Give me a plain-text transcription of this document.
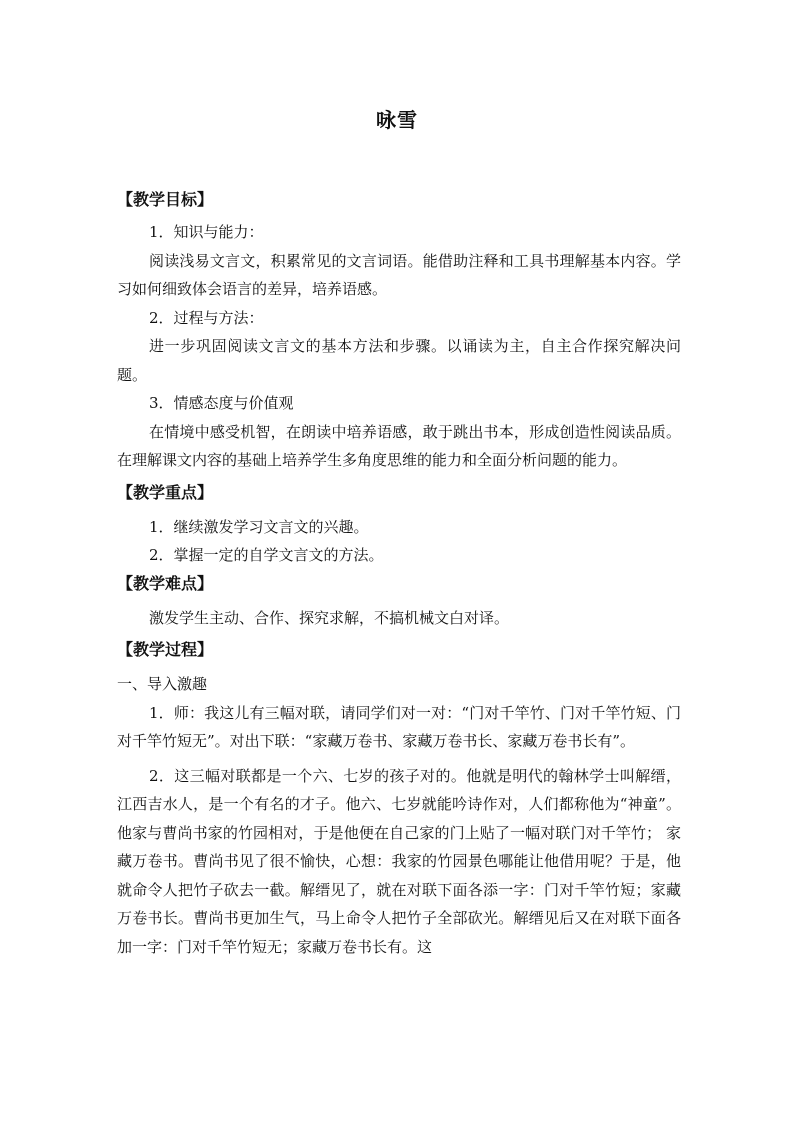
咏雪
【教学目标】

1．知识与能力：

阅读浅易文言文，积累常见的文言词语。能借助注释和工具书理解基本内容。学习如何细致体会语言的差异，培养语感。

2．过程与方法：

进一步巩固阅读文言文的基本方法和步骤。以诵读为主，自主合作探究解决问题。

3．情感态度与价值观

在情境中感受机智，在朗读中培养语感，敢于跳出书本，形成创造性阅读品质。在理解课文内容的基础上培养学生多角度思维的能力和全面分析问题的能力。

【教学重点】

1．继续激发学习文言文的兴趣。

2．掌握一定的自学文言文的方法。

【教学难点】

激发学生主动、合作、探究求解，不搞机械文白对译。

【教学过程】

一、导入激趣

1．师：我这儿有三幅对联，请同学们对一对：“门对千竿竹、门对千竿竹短、门对千竿竹短无”。对出下联：“家藏万卷书、家藏万卷书长、家藏万卷书长有”。

2．这三幅对联都是一个六、七岁的孩子对的。他就是明代的翰林学士叫解缙，江西吉水人，是一个有名的才子。他六、七岁就能吟诗作对，人们都称他为“神童”。他家与曹尚书家的竹园相对，于是他便在自己家的门上贴了一幅对联门对千竿竹； 家藏万卷书。曹尚书见了很不愉快，心想：我家的竹园景色哪能让他借用呢？于是，他就命令人把竹子砍去一截。解缙见了，就在对联下面各添一字：门对千竿竹短；家藏万卷书长。曹尚书更加生气，马上命令人把竹子全部砍光。解缙见后又在对联下面各加一字：门对千竿竹短无；家藏万卷书长有。这
